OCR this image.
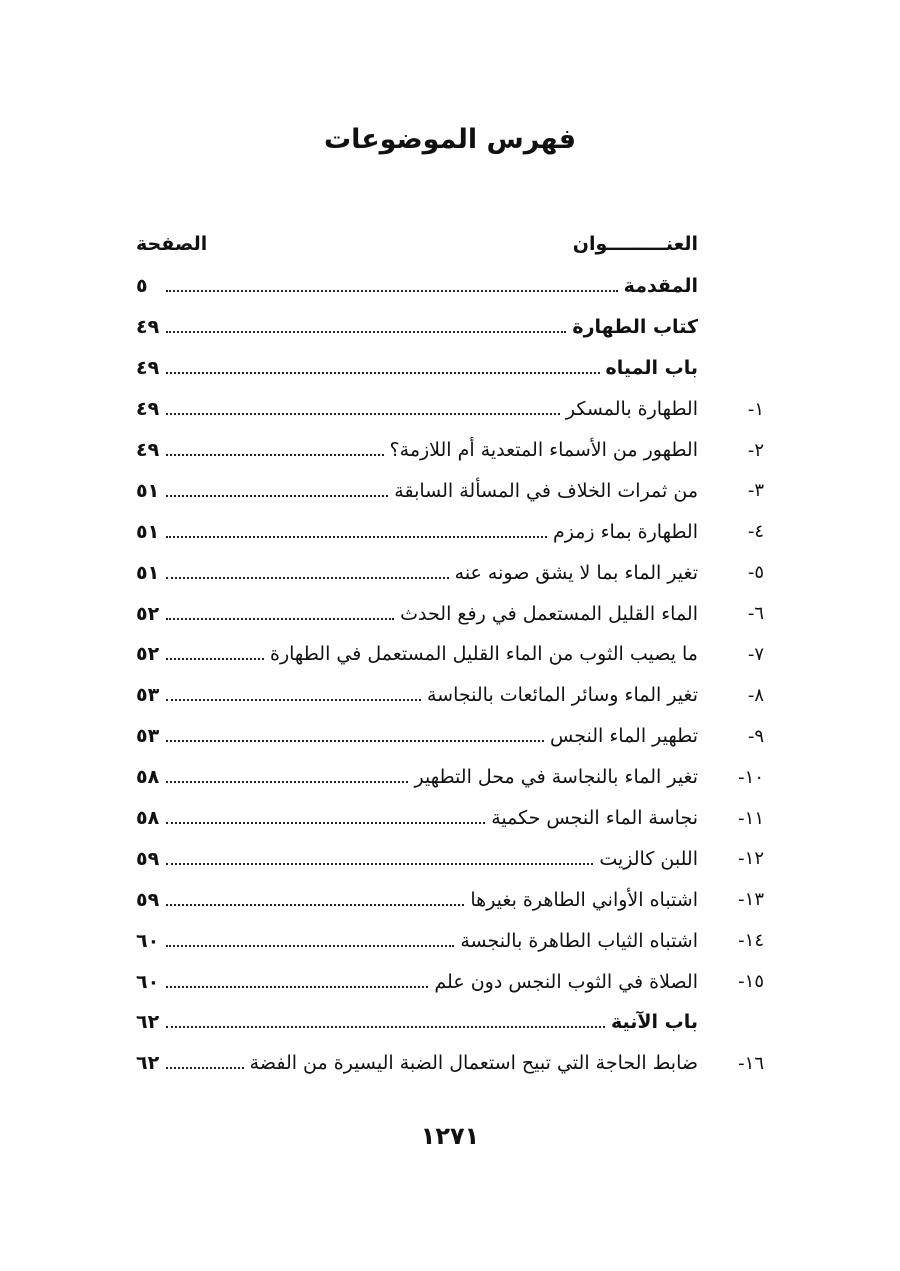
فهرس الموضوعات
العنـــــــــوان
الصفحة
المقدمة
٥
كتاب الطهارة
٤٩
باب المياه
٤٩
١-
الطهارة بالمسكر
٤٩
٢-
الطهور من الأسماء المتعدية أم اللازمة؟
٤٩
٣-
من ثمرات الخلاف في المسألة السابقة
٥١
٤-
الطهارة بماء زمزم
٥١
٥-
تغير الماء بما لا يشق صونه عنه
٥١
٦-
الماء القليل المستعمل في رفع الحدث
٥٢
٧-
ما يصيب الثوب من الماء القليل المستعمل في الطهارة
٥٢
٨-
تغير الماء وسائر المائعات بالنجاسة
٥٣
٩-
تطهير الماء النجس
٥٣
١٠-
تغير الماء بالنجاسة في محل التطهير
٥٨
١١-
نجاسة الماء النجس حكمية
٥٨
١٢-
اللبن كالزيت
٥٩
١٣-
اشتباه الأواني الطاهرة بغيرها
٥٩
١٤-
اشتباه الثياب الطاهرة بالنجسة
٦٠
١٥-
الصلاة في الثوب النجس دون علم
٦٠
باب الآنية
٦٢
١٦-
ضابط الحاجة التي تبيح استعمال الضبة اليسيرة من الفضة
٦٢
١٢٧١
